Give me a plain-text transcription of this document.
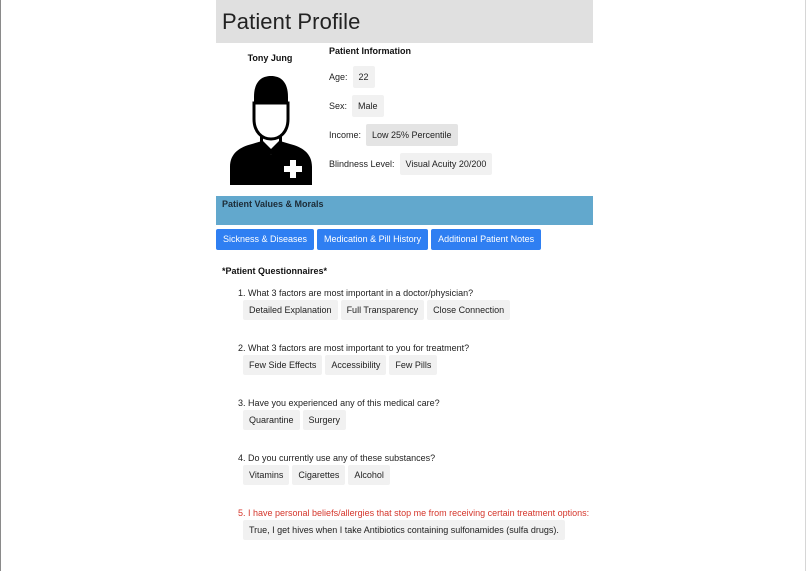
Patient Profile
Tony Jung
Patient Information
Age:	22
Sex:	Male
Income:	Low 25% Percentile
Blindness Level:	Visual Acuity 20/200
Patient Values & Morals
Sickness & Diseases	Medication & Pill History	Additional Patient Notes
*Patient Questionnaires*
1. What 3 factors are most important in a doctor/physician?
Detailed Explanation	Full Transparency	Close Connection
2. What 3 factors are most important to you for treatment?
Few Side Effects	Accessibility	Few Pills
3. Have you experienced any of this medical care?
Quarantine	Surgery
4. Do you currently use any of these substances?
Vitamins	Cigarettes	Alcohol
5. I have personal beliefs/allergies that stop me from receiving certain treatment options:
True, I get hives when I take Antibiotics containing sulfonamides (sulfa drugs).
